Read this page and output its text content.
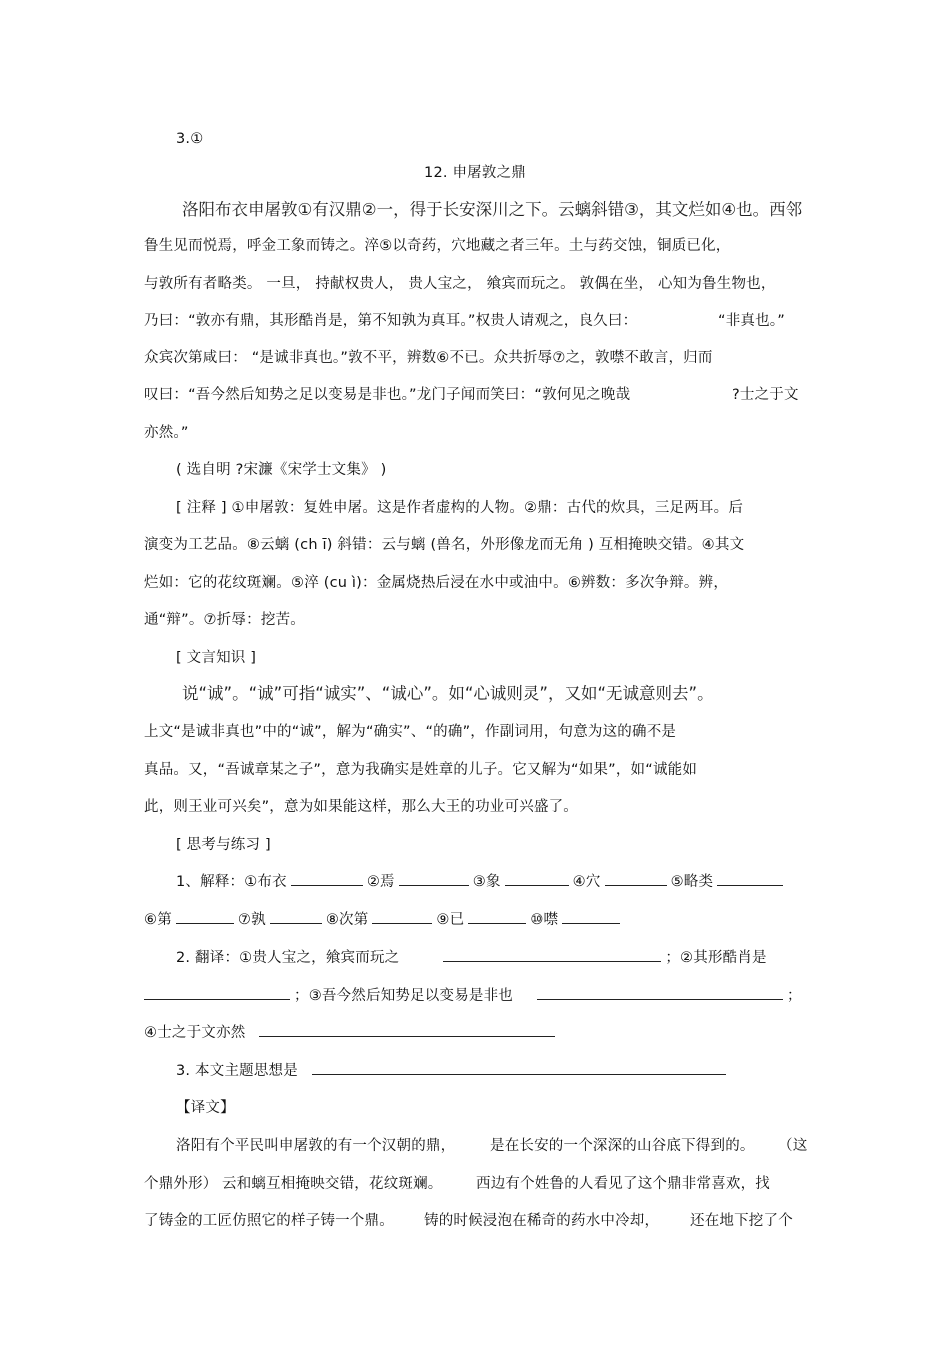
3.①
12. 申屠敦之鼎
洛阳布衣申屠敦①有汉鼎②一，得于长安深川之下。云螭斜错③，其文烂如④也。西邻
鲁生见而悦焉，呼金工象而铸之。淬⑤以奇药，穴地藏之者三年。土与药交蚀，铜质已化，
与敦所有者略类。 一旦， 持献权贵人， 贵人宝之， 飨宾而玩之。 敦偶在坐， 心知为鲁生物也，
乃曰：“敦亦有鼎，其形酷肖是，第不知孰为真耳。”权贵人请观之，良久曰：	“非真也。”
众宾次第咸曰： “是诚非真也。”敦不平，辨数⑥不已。众共折辱⑦之，敦噤不敢言，归而
叹曰：“吾今然后知势之足以变易是非也。”龙门子闻而笑曰：“敦何见之晚哉	?士之于文
亦然。”
( 选自明 ?宋濂《宋学士文集》 )
[ 注释 ] ①申屠敦：复姓申屠。这是作者虚构的人物。②鼎：古代的炊具，三足两耳。后
演变为工艺品。⑧云螭 (ch ī) 斜错：云与螭 (兽名，外形像龙而无角 ) 互相掩映交错。④其文
烂如：它的花纹斑斓。⑤淬 (cu ì)：金属烧热后浸在水中或油中。⑥辨数：多次争辩。辨，
通“辩”。⑦折辱：挖苦。
[ 文言知识 ]
说“诚”。“诚”可指“诚实”、“诚心”。如“心诚则灵”，又如“无诚意则去”。
上文“是诚非真也”中的“诚”，解为“确实”、“的确”，作副词用，句意为这的确不是
真品。又，“吾诚章某之子”，意为我确实是姓章的儿子。它又解为“如果”，如“诚能如
此，则王业可兴矣”，意为如果能这样，那么大王的功业可兴盛了。
[ 思考与练习 ]
1、解释：①布衣	②焉	③象	④穴	⑤略类
⑥第	⑦孰	⑧次第	⑨已	⑩噤
2. 翻译：①贵人宝之，飨宾而玩之	；②其形酷肖是
；③吾今然后知势足以变易是非也	；
④士之于文亦然
3. 本文主题思想是
【译文】
洛阳有个平民叫申屠敦的有一个汉朝的鼎， 是在长安的一个深深的山谷底下得到的。 （这
个鼎外形） 云和螭互相掩映交错，花纹斑斓。 西边有个姓鲁的人看见了这个鼎非常喜欢，找
了铸金的工匠仿照它的样子铸一个鼎。 铸的时候浸泡在稀奇的药水中冷却， 还在地下挖了个
